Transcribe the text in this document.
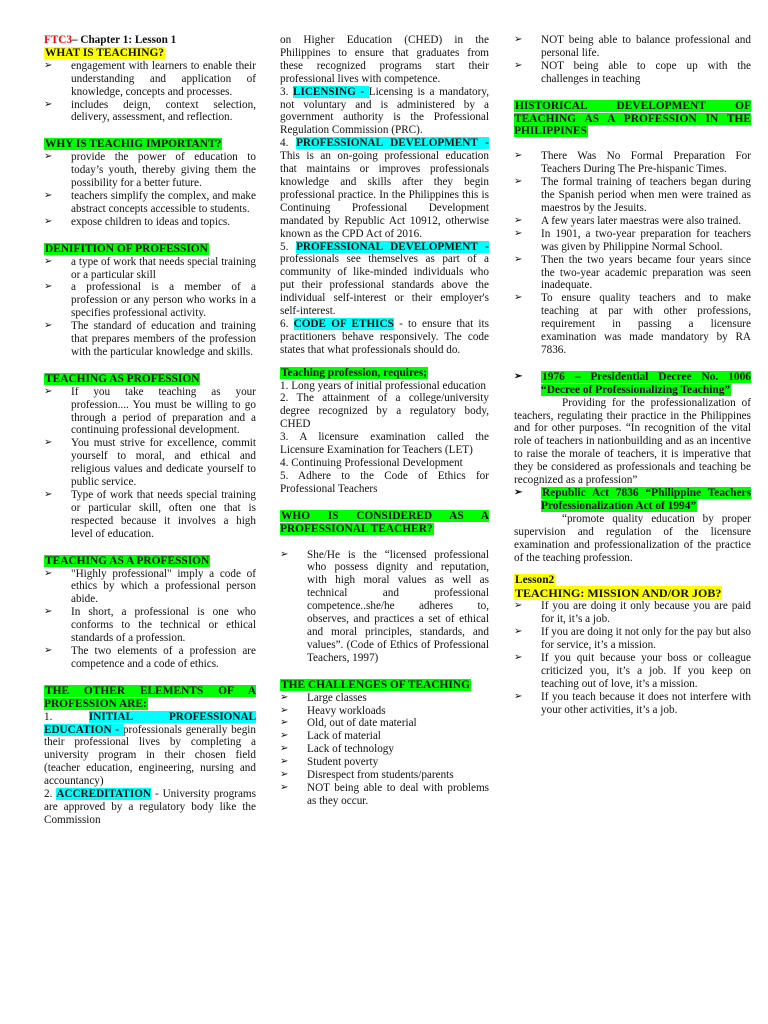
FTC3– Chapter 1: Lesson 1
WHAT IS TEACHING?
➢ engagement with learners to enable their understanding and application of knowledge, concepts and processes.
➢ includes deign, context selection, delivery, assessment, and reflection.
WHY IS TEACHIG IMPORTANT?
➢ provide the power of education to today’s youth, thereby giving them the possibility for a better future.
➢ teachers simplify the complex, and make abstract concepts accessible to students.
➢ expose children to ideas and topics.
DENIFITION OF PROFESSION
➢ a type of work that needs special training or a particular skill
➢ a professional is a member of a profession or any person who works in a specifies professional activity.
➢ The standard of education and training that prepares members of the profession with the particular knowledge and skills.
TEACHING AS PROFESSION
➢ If you take teaching as your profession.... You must be willing to go through a period of preparation and a continuing professional development.
➢ You must strive for excellence, commit yourself to moral, and ethical and religious values and dedicate yourself to public service.
➢ Type of work that needs special training or particular skill, often one that is respected because it involves a high level of education.
TEACHING AS A PROFESSION
➢ "Highly professional" imply a code of ethics by which a professional person abide.
➢ In short, a professional is one who conforms to the technical or ethical standards of a profession.
➢ The two elements of a profession are competence and a code of ethics.
THE OTHER ELEMENTS OF A PROFESSION ARE:
1. INITIAL PROFESSIONAL EDUCATION - professionals generally begin their professional lives by completing a university program in their chosen field (teacher education, engineering, nursing and accountancy)
2. ACCREDITATION - University programs are approved by a regulatory body like the Commission
on Higher Education (CHED) in the Philippines to ensure that graduates from these recognized programs start their professional lives with competence.
3. LICENSING - Licensing is a mandatory, not voluntary and is administered by a government authority is the Professional Regulation Commission (PRC).
4. PROFESSIONAL DEVELOPMENT - This is an on-going professional education that maintains or improves professionals knowledge and skills after they begin professional practice. In the Philippines this is Continuing Professional Development mandated by Republic Act 10912, otherwise known as the CPD Act of 2016.
5. PROFESSIONAL DEVELOPMENT - professionals see themselves as part of a community of like-minded individuals who put their professional standards above the individual self-interest or their employer's self-interest.
6. CODE OF ETHICS - to ensure that its practitioners behave responsively. The code states that what professionals should do.
Teaching profession, requires;
1. Long years of initial professional education
2. The attainment of a college/university degree recognized by a regulatory body, CHED
3. A licensure examination called the Licensure Examination for Teachers (LET)
4. Continuing Professional Development
5. Adhere to the Code of Ethics for Professional Teachers
WHO IS CONSIDERED AS A PROFESSIONAL TEACHER?
➢ She/He is the “licensed professional who possess dignity and reputation, with high moral values as well as technical and professional competence..she/he adheres to, observes, and practices a set of ethical and moral principles, standards, and values”. (Code of Ethics of Professional Teachers, 1997)
THE CHALLENGES OF TEACHING
➢ Large classes
➢ Heavy workloads
➢ Old, out of date material
➢ Lack of material
➢ Lack of technology
➢ Student poverty
➢ Disrespect from students/parents
➢ NOT being able to deal with problems as they occur.
➢ NOT being able to balance professional and personal life.
➢ NOT being able to cope up with the challenges in teaching
HISTORICAL DEVELOPMENT OF TEACHING AS A PROFESSION IN THE PHILIPPINES
➢ There Was No Formal Preparation For Teachers During The Pre-hispanic Times.
➢ The formal training of teachers began during the Spanish period when men were trained as maestros by the Jesuits.
➢ A few years later maestras were also trained.
➢ In 1901, a two-year preparation for teachers was given by Philippine Normal School.
➢ Then the two years became four years since the two-year academic preparation was seen inadequate.
➢ To ensure quality teachers and to make teaching at par with other professions, requirement in passing a licensure examination was made mandatory by RA 7836.
➢ 1976 – Presidential Decree No. 1006 “Decree of Professionalizing Teaching”
Providing for the professionalization of teachers, regulating their practice in the Philippines and for other purposes. “In recognition of the vital role of teachers in nationbuilding and as an incentive to raise the morale of teachers, it is imperative that they be considered as professionals and teaching be recognized as a profession”
➢ Republic Act 7836 “Philippine Teachers Professionalization Act of 1994”
“promote quality education by proper supervision and regulation of the licensure examination and professionalization of the practice of the teaching profession.
Lesson2
TEACHING: MISSION AND/OR JOB?
➢ If you are doing it only because you are paid for it, it’s a job.
➢ If you are doing it not only for the pay but also for service, it’s a mission.
➢ If you quit because your boss or colleague criticized you, it’s a job. If you keep on teaching out of love, it’s a mission.
➢ If you teach because it does not interfere with your other activities, it’s a job.
